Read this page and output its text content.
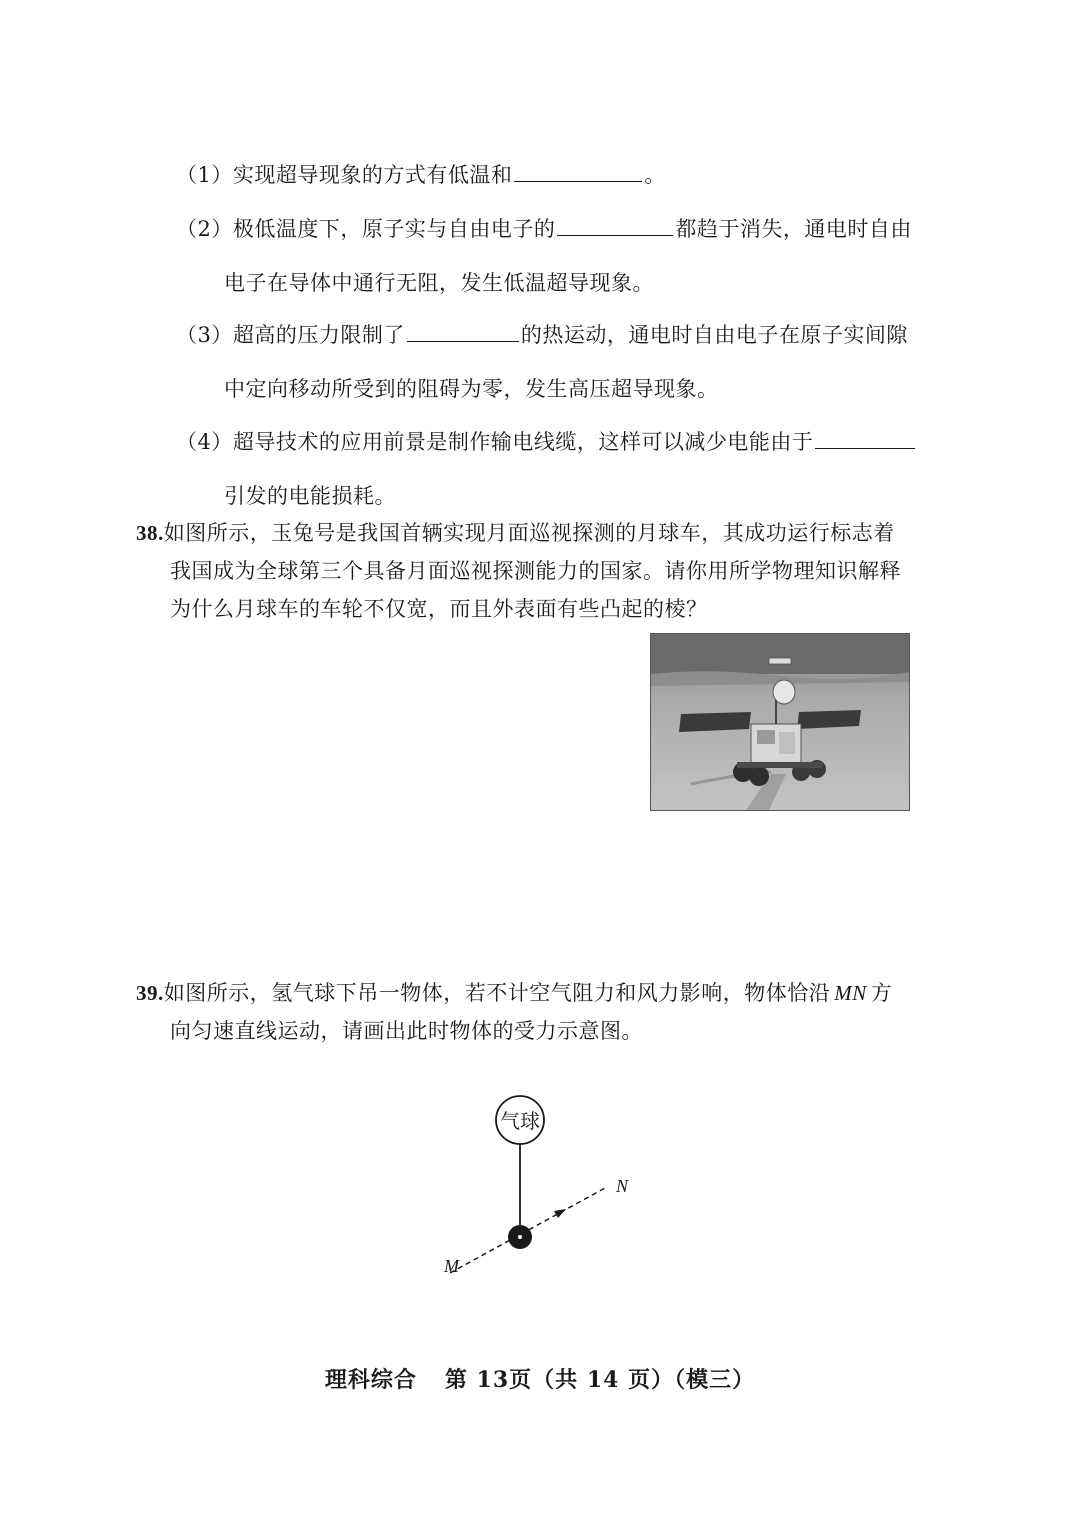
（1）实现超导现象的方式有低温和	。
（2）极低温度下，原子实与自由电子的	都趋于消失，通电时自由
电子在导体中通行无阻，发生低温超导现象。
（3）超高的压力限制了	的热运动，通电时自由电子在原子实间隙
中定向移动所受到的阻碍为零，发生高压超导现象。
（4）超导技术的应用前景是制作输电线缆，这样可以减少电能由于
引发的电能损耗。
38.如图所示，玉兔号是我国首辆实现月面巡视探测的月球车，其成功运行标志着
我国成为全球第三个具备月面巡视探测能力的国家。请你用所学物理知识解释
为什么月球车的车轮不仅宽，而且外表面有些凸起的棱？
39.如图所示，氢气球下吊一物体，若不计空气阻力和风力影响，物体恰沿 MN 方
向匀速直线运动，请画出此时物体的受力示意图。
气球
N
M
理科综合 第 13页（共 14 页）（模三）
